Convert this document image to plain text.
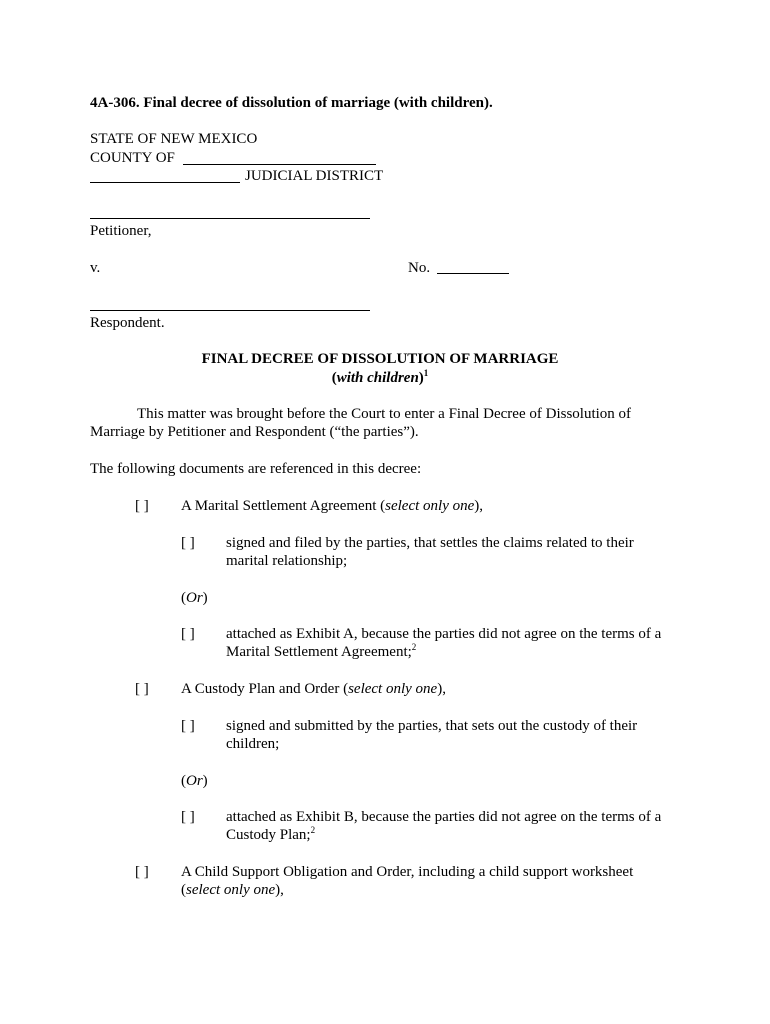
4A-306. Final decree of dissolution of marriage (with children).
STATE OF NEW MEXICO
COUNTY OF
JUDICIAL DISTRICT
Petitioner,
v.	No.
Respondent.
FINAL DECREE OF DISSOLUTION OF MARRIAGE
(with children)$^1$
This matter was brought before the Court to enter a Final Decree of Dissolution of
Marriage by Petitioner and Respondent (“the parties”).
The following documents are referenced in this decree:
[ ] A Marital Settlement Agreement (select only one),
[ ] signed and filed by the parties, that settles the claims related to their
marital relationship;
(Or)
[ ] attached as Exhibit A, because the parties did not agree on the terms of a
Marital Settlement Agreement;$^2$
[ ] A Custody Plan and Order (select only one),
[ ] signed and submitted by the parties, that sets out the custody of their
children;
(Or)
[ ] attached as Exhibit B, because the parties did not agree on the terms of a
Custody Plan;$^2$
[ ] A Child Support Obligation and Order, including a child support worksheet
(select only one),
